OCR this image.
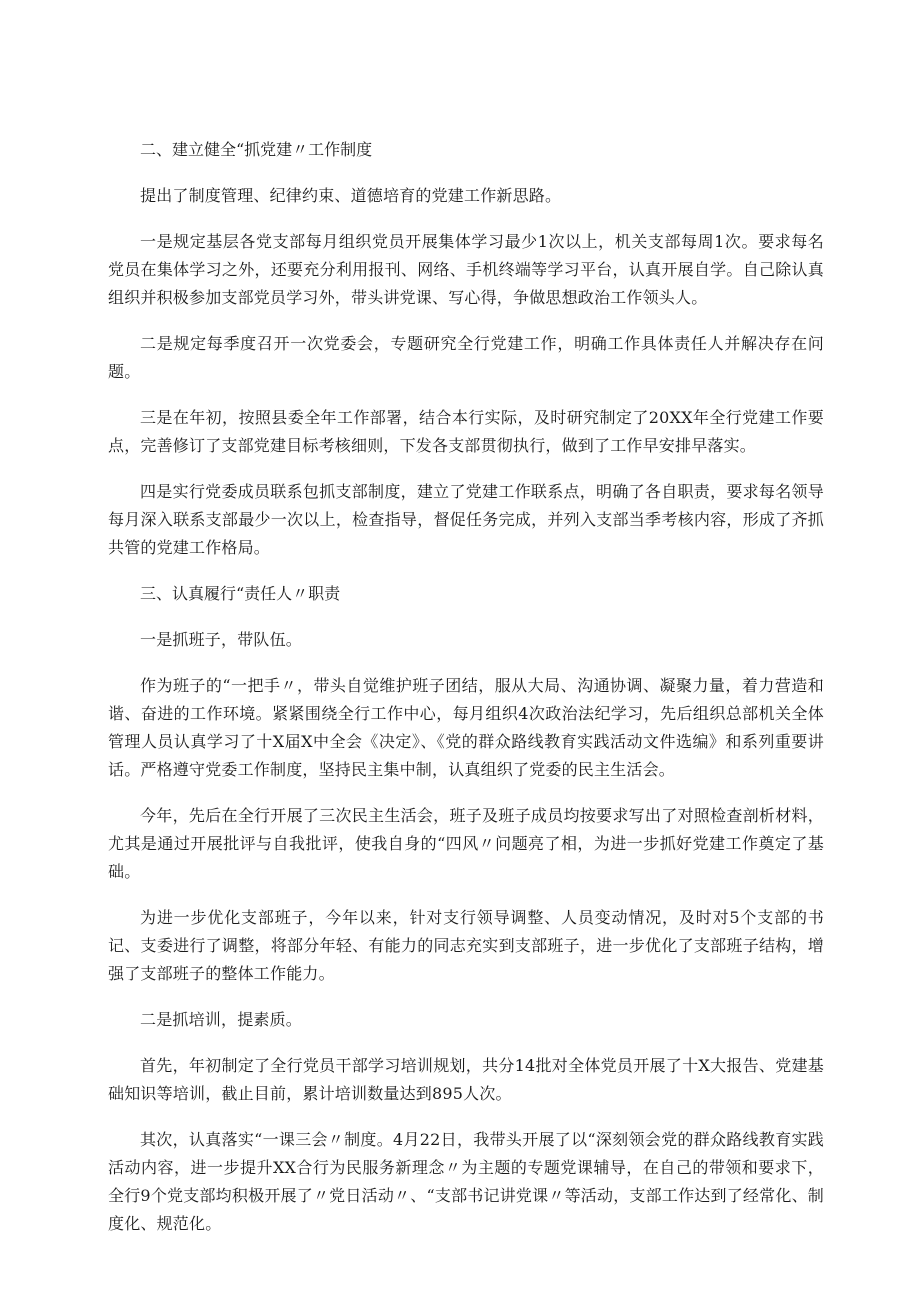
二、建立健全“抓党建〃工作制度

提出了制度管理、纪律约束、道德培育的党建工作新思路。

一是规定基层各党支部每月组织党员开展集体学习最少1次以上，机关支部每周1次。要求每名党员在集体学习之外，还要充分利用报刊、网络、手机终端等学习平台，认真开展自学。自己除认真组织并积极参加支部党员学习外，带头讲党课、写心得，争做思想政治工作领头人。

二是规定每季度召开一次党委会，专题研究全行党建工作，明确工作具体责任人并解决存在问题。

三是在年初，按照县委全年工作部署，结合本行实际，及时研究制定了20XX年全行党建工作要点，完善修订了支部党建目标考核细则，下发各支部贯彻执行，做到了工作早安排早落实。

四是实行党委成员联系包抓支部制度，建立了党建工作联系点，明确了各自职责，要求每名领导每月深入联系支部最少一次以上，检查指导，督促任务完成，并列入支部当季考核内容，形成了齐抓共管的党建工作格局。

三、认真履行“责任人〃职责

一是抓班子，带队伍。

作为班子的“一把手〃，带头自觉维护班子团结，服从大局、沟通协调、凝聚力量，着力营造和谐、奋进的工作环境。紧紧围绕全行工作中心，每月组织4次政治法纪学习，先后组织总部机关全体管理人员认真学习了十X届X中全会《决定》、《党的群众路线教育实践活动文件选编》和系列重要讲话。严格遵守党委工作制度，坚持民主集中制，认真组织了党委的民主生活会。

今年，先后在全行开展了三次民主生活会，班子及班子成员均按要求写出了对照检查剖析材料，尤其是通过开展批评与自我批评，使我自身的“四风〃问题亮了相，为进一步抓好党建工作奠定了基础。

为进一步优化支部班子，今年以来，针对支行领导调整、人员变动情况，及时对5个支部的书记、支委进行了调整，将部分年轻、有能力的同志充实到支部班子，进一步优化了支部班子结构，增强了支部班子的整体工作能力。

二是抓培训，提素质。

首先，年初制定了全行党员干部学习培训规划，共分14批对全体党员开展了十X大报告、党建基础知识等培训，截止目前，累计培训数量达到895人次。

其次，认真落实“一课三会〃制度。4月22日，我带头开展了以“深刻领会党的群众路线教育实践活动内容，进一步提升XX合行为民服务新理念〃为主题的专题党课辅导，在自己的带领和要求下，全行9个党支部均积极开展了〃党日活动〃、“支部书记讲党课〃等活动，支部工作达到了经常化、制度化、规范化。
